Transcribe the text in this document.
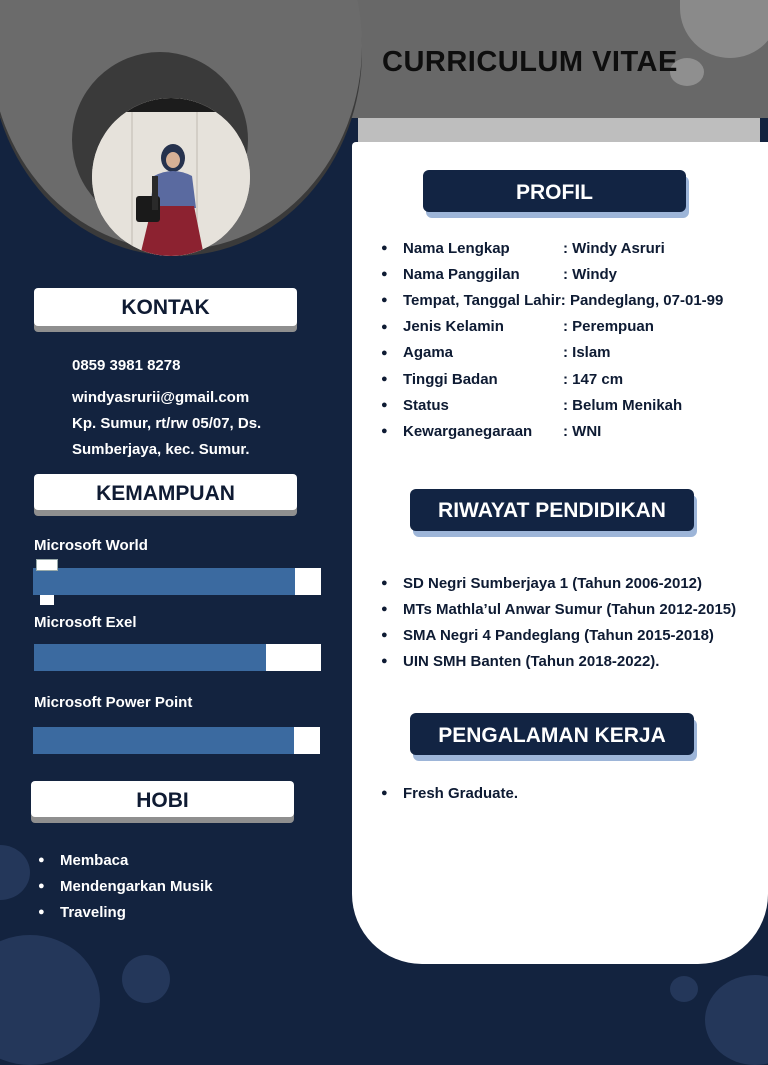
CURRICULUM VITAE
KONTAK
0859 3981 8278
windyasrurii@gmail.com
Kp. Sumur, rt/rw 05/07, Ds.
Sumberjaya, kec. Sumur.
KEMAMPUAN
Microsoft World
Microsoft Exel
Microsoft Power Point
HOBI
● Membaca
● Mendengarkan Musik
● Traveling
PROFIL
● Nama Lengkap	: Windy Asruri
● Nama Panggilan	: Windy
● Tempat, Tanggal Lahir : Pandeglang, 07-01-99
● Jenis Kelamin	: Perempuan
● Agama	: Islam
● Tinggi Badan	: 147 cm
● Status	: Belum Menikah
● Kewarganegaraan	: WNI
RIWAYAT PENDIDIKAN
● SD Negri Sumberjaya 1 (Tahun 2006-2012)
● MTs Mathla’ul Anwar Sumur (Tahun 2012-2015)
● SMA Negri 4 Pandeglang (Tahun 2015-2018)
● UIN SMH Banten (Tahun 2018-2022).
PENGALAMAN KERJA
● Fresh Graduate.
